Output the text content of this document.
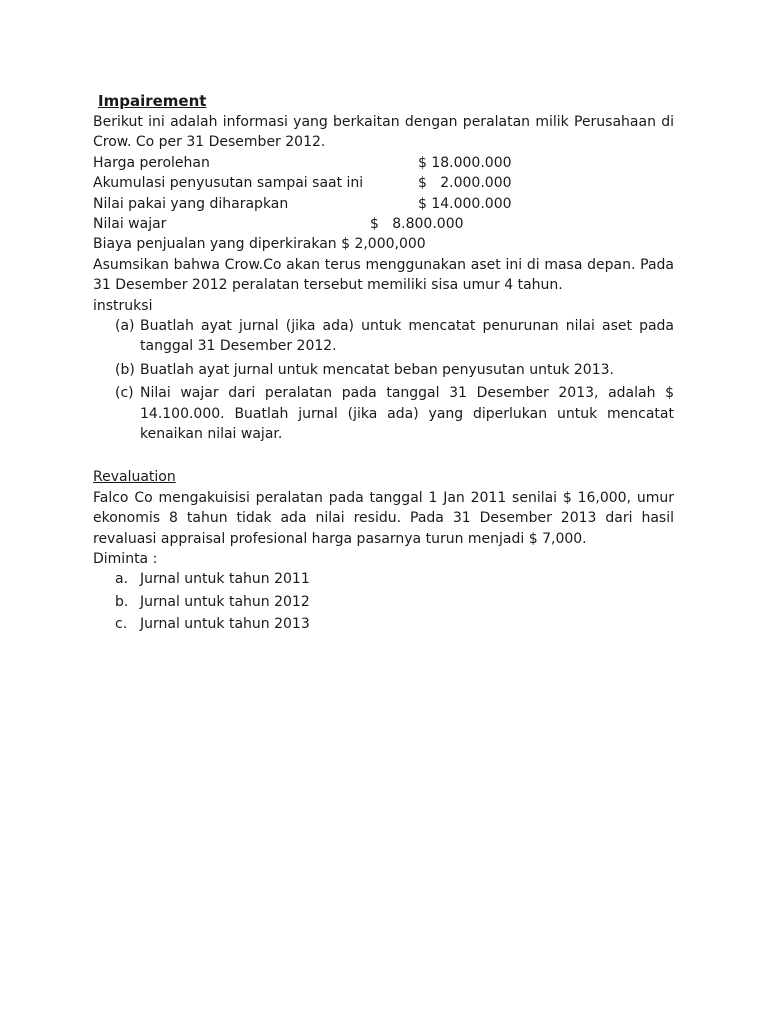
Impairement

Berikut ini adalah informasi yang berkaitan dengan peralatan milik Perusahaan di Crow. Co per 31 Desember 2012.

Harga perolehan	$ 18.000.000
Akumulasi penyusutan sampai saat ini	$   2.000.000
Nilai pakai yang diharapkan	$ 14.000.000
Nilai wajar	$   8.800.000

Biaya penjualan yang diperkirakan $ 2,000,000

Asumsikan bahwa Crow.Co akan terus menggunakan aset ini di masa depan. Pada 31 Desember 2012 peralatan tersebut memiliki sisa umur 4 tahun.

instruksi

(a) Buatlah ayat jurnal (jika ada) untuk mencatat penurunan nilai aset pada tanggal 31 Desember 2012.
(b) Buatlah ayat jurnal untuk mencatat beban penyusutan untuk 2013.
(c) Nilai wajar dari peralatan pada tanggal 31 Desember 2013, adalah $ 14.100.000. Buatlah jurnal (jika ada) yang diperlukan untuk mencatat kenaikan nilai wajar.

Revaluation

Falco Co mengakuisisi peralatan pada tanggal 1 Jan 2011 senilai $ 16,000, umur ekonomis 8 tahun tidak ada nilai residu. Pada 31 Desember 2013 dari hasil revaluasi appraisal profesional harga pasarnya turun menjadi $ 7,000.

Diminta :

a. Jurnal untuk tahun 2011
b. Jurnal untuk tahun 2012
c. Jurnal untuk tahun 2013
